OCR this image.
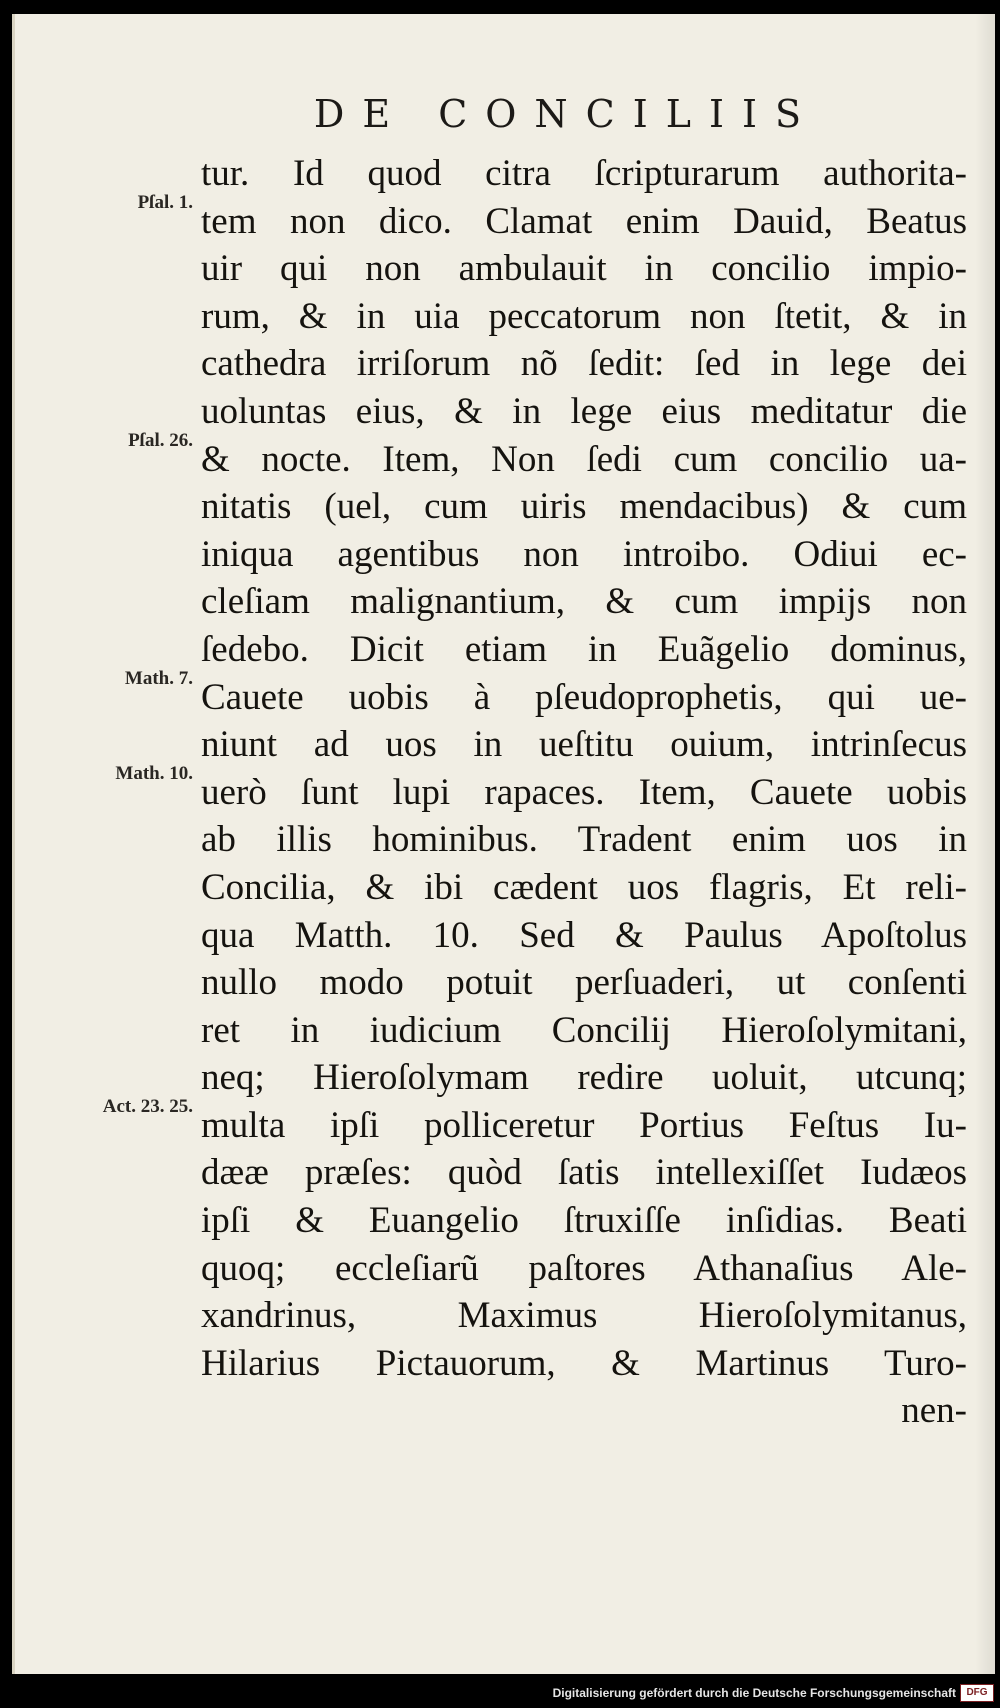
DE CONCILIIS
tur. Id quod citra ſcripturarum authorita-
tem non dico. Clamat enim Dauid, Beatus
uir qui non ambulauit in concilio impio-
rum, & in uia peccatorum non ſtetit, & in
cathedra irriſorum nõ ſedit: ſed in lege dei
uoluntas eius, & in lege eius meditatur die
& nocte. Item, Non ſedi cum concilio ua-
nitatis (uel, cum uiris mendacibus) & cum
iniqua agentibus non introibo. Odiui ec-
cleſiam malignantium, & cum impijs non
ſedebo. Dicit etiam in Euãgelio dominus,
Cauete uobis à pſeudoprophetis, qui ue-
niunt ad uos in ueſtitu ouium, intrinſecus
uerò ſunt lupi rapaces. Item, Cauete uobis
ab illis hominibus. Tradent enim uos in
Concilia, & ibi cædent uos flagris, Et reli-
qua Matth. 10. Sed & Paulus Apoſtolus
nullo modo potuit perſuaderi, ut conſenti
ret in iudicium Concilij Hieroſolymitani,
neq; Hieroſolymam redire uoluit, utcunq;
multa ipſi polliceretur Portius Feſtus Iu-
dææ præſes: quòd ſatis intellexiſſet Iudæos
ipſi & Euangelio ſtruxiſſe inſidias. Beati
quoq; eccleſiarũ paſtores Athanaſius Ale-
xandrinus, Maximus Hieroſolymitanus,
Hilarius Pictauorum, & Martinus Turo-
nen-
Pſal. 1.
Pſal. 26.
Math. 7.
Math. 10.
Act. 23. 25.
Digitalisierung gefördert durch die Deutsche Forschungsgemeinschaft	DFG
